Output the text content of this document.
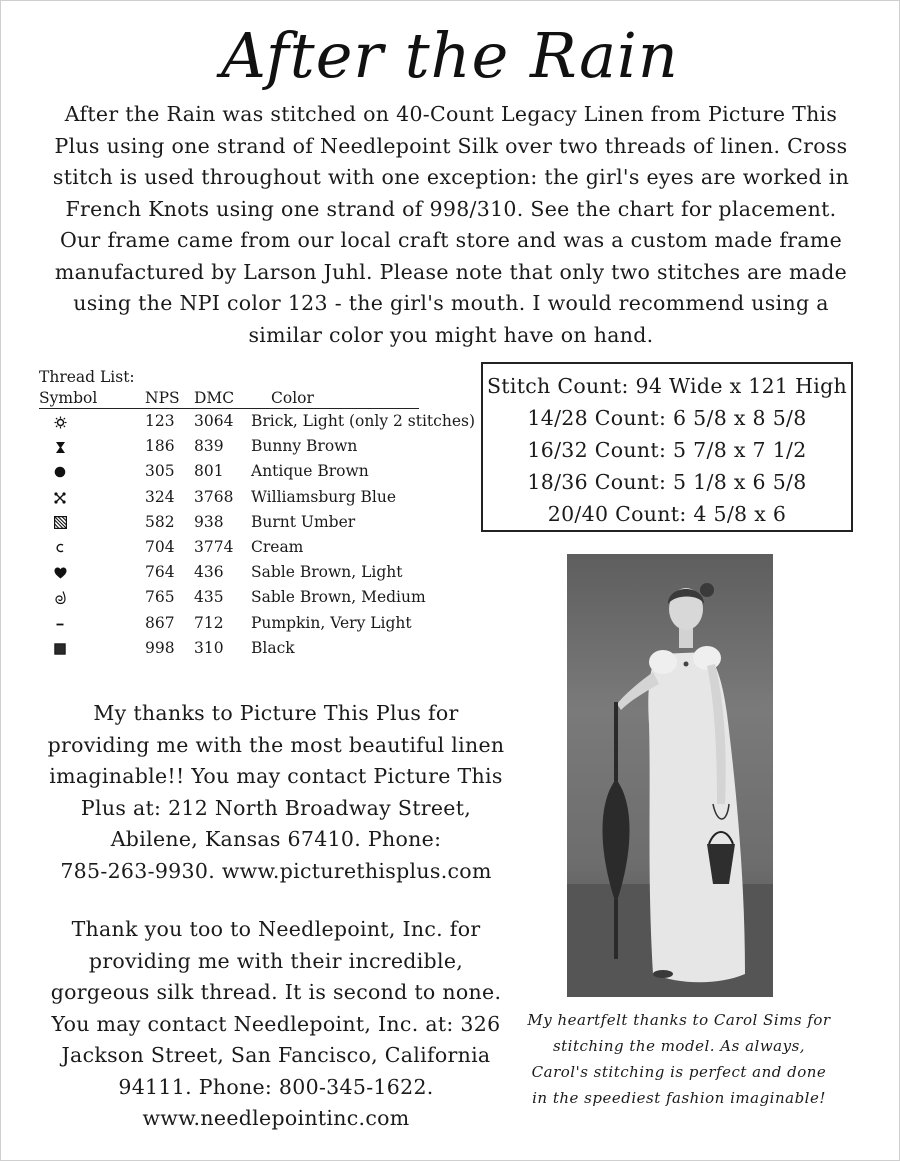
After the Rain
After the Rain was stitched on 40-Count Legacy Linen from Picture This
Plus using one strand of Needlepoint Silk over two threads of linen. Cross
stitch is used throughout with one exception: the girl's eyes are worked in
French Knots using one strand of 998/310. See the chart for placement.
Our frame came from our local craft store and was a custom made frame
manufactured by Larson Juhl. Please note that only two stitches are made
using the NPI color 123 - the girl's mouth. I would recommend using a
similar color you might have on hand.
Thread List:
Symbol	NPS DMC Color
123 3064 Brick, Light (only 2 stitches)
186 839 Bunny Brown
305 801 Antique Brown
324 3768 Williamsburg Blue
582 938 Burnt Umber
704 3774 Cream
764 436 Sable Brown, Light
765 435 Sable Brown, Medium
867 712 Pumpkin, Very Light
998 310 Black
Stitch Count: 94 Wide x 121 High
14/28 Count: 6 5/8 x 8 5/8
16/32 Count: 5 7/8 x 7 1/2
18/36 Count: 5 1/8 x 6 5/8
20/40 Count: 4 5/8 x 6
My thanks to Picture This Plus for
providing me with the most beautiful linen
imaginable!! You may contact Picture This
Plus at: 212 North Broadway Street,
Abilene, Kansas 67410. Phone:
785-263-9930. www.picturethisplus.com
Thank you too to Needlepoint, Inc. for
providing me with their incredible,
gorgeous silk thread. It is second to none.
You may contact Needlepoint, Inc. at: 326
Jackson Street, San Fancisco, California
94111. Phone: 800-345-1622.
www.needlepointinc.com
My heartfelt thanks to Carol Sims for
stitching the model. As always,
Carol's stitching is perfect and done
in the speediest fashion imaginable!
